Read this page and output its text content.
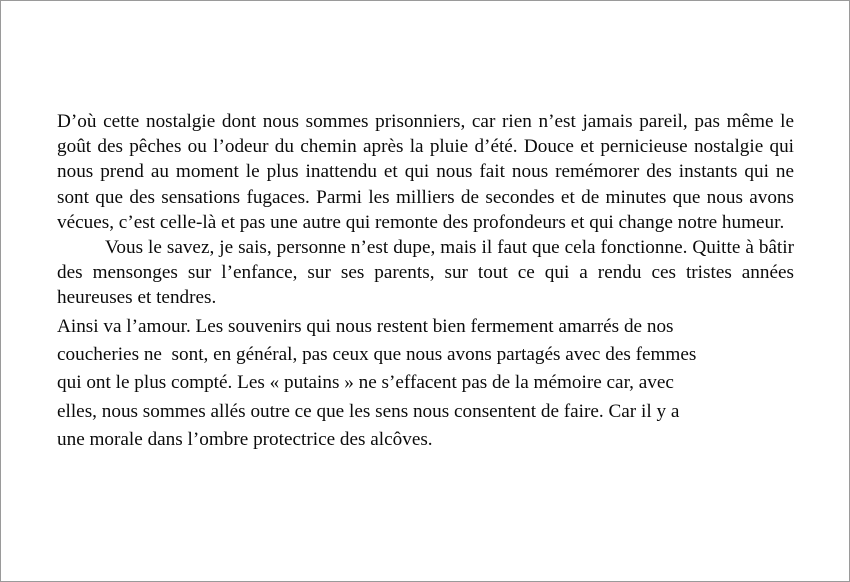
D’où cette nostalgie dont nous sommes prisonniers, car rien n’est jamais pareil, pas même le goût des pêches ou l’odeur du chemin après la pluie d’été. Douce et pernicieuse nostalgie qui nous prend au moment le plus inattendu et qui nous fait nous remémorer des instants qui ne sont que des sensations fugaces. Parmi les milliers de secondes et de minutes que nous avons vécues, c’est celle-là et pas une autre qui remonte des profondeurs et qui change notre humeur.

Vous le savez, je sais, personne n’est dupe, mais il faut que cela fonctionne. Quitte à bâtir des mensonges sur l’enfance, sur ses parents, sur tout ce qui a rendu ces tristes années heureuses et tendres.

Ainsi va l’amour. Les souvenirs qui nous restent bien fermement amarrés de nos
coucheries ne  sont, en général, pas ceux que nous avons partagés avec des femmes
qui ont le plus compté. Les « putains » ne s’effacent pas de la mémoire car, avec
elles, nous sommes allés outre ce que les sens nous consentent de faire. Car il y a
une morale dans l’ombre protectrice des alcôves.
